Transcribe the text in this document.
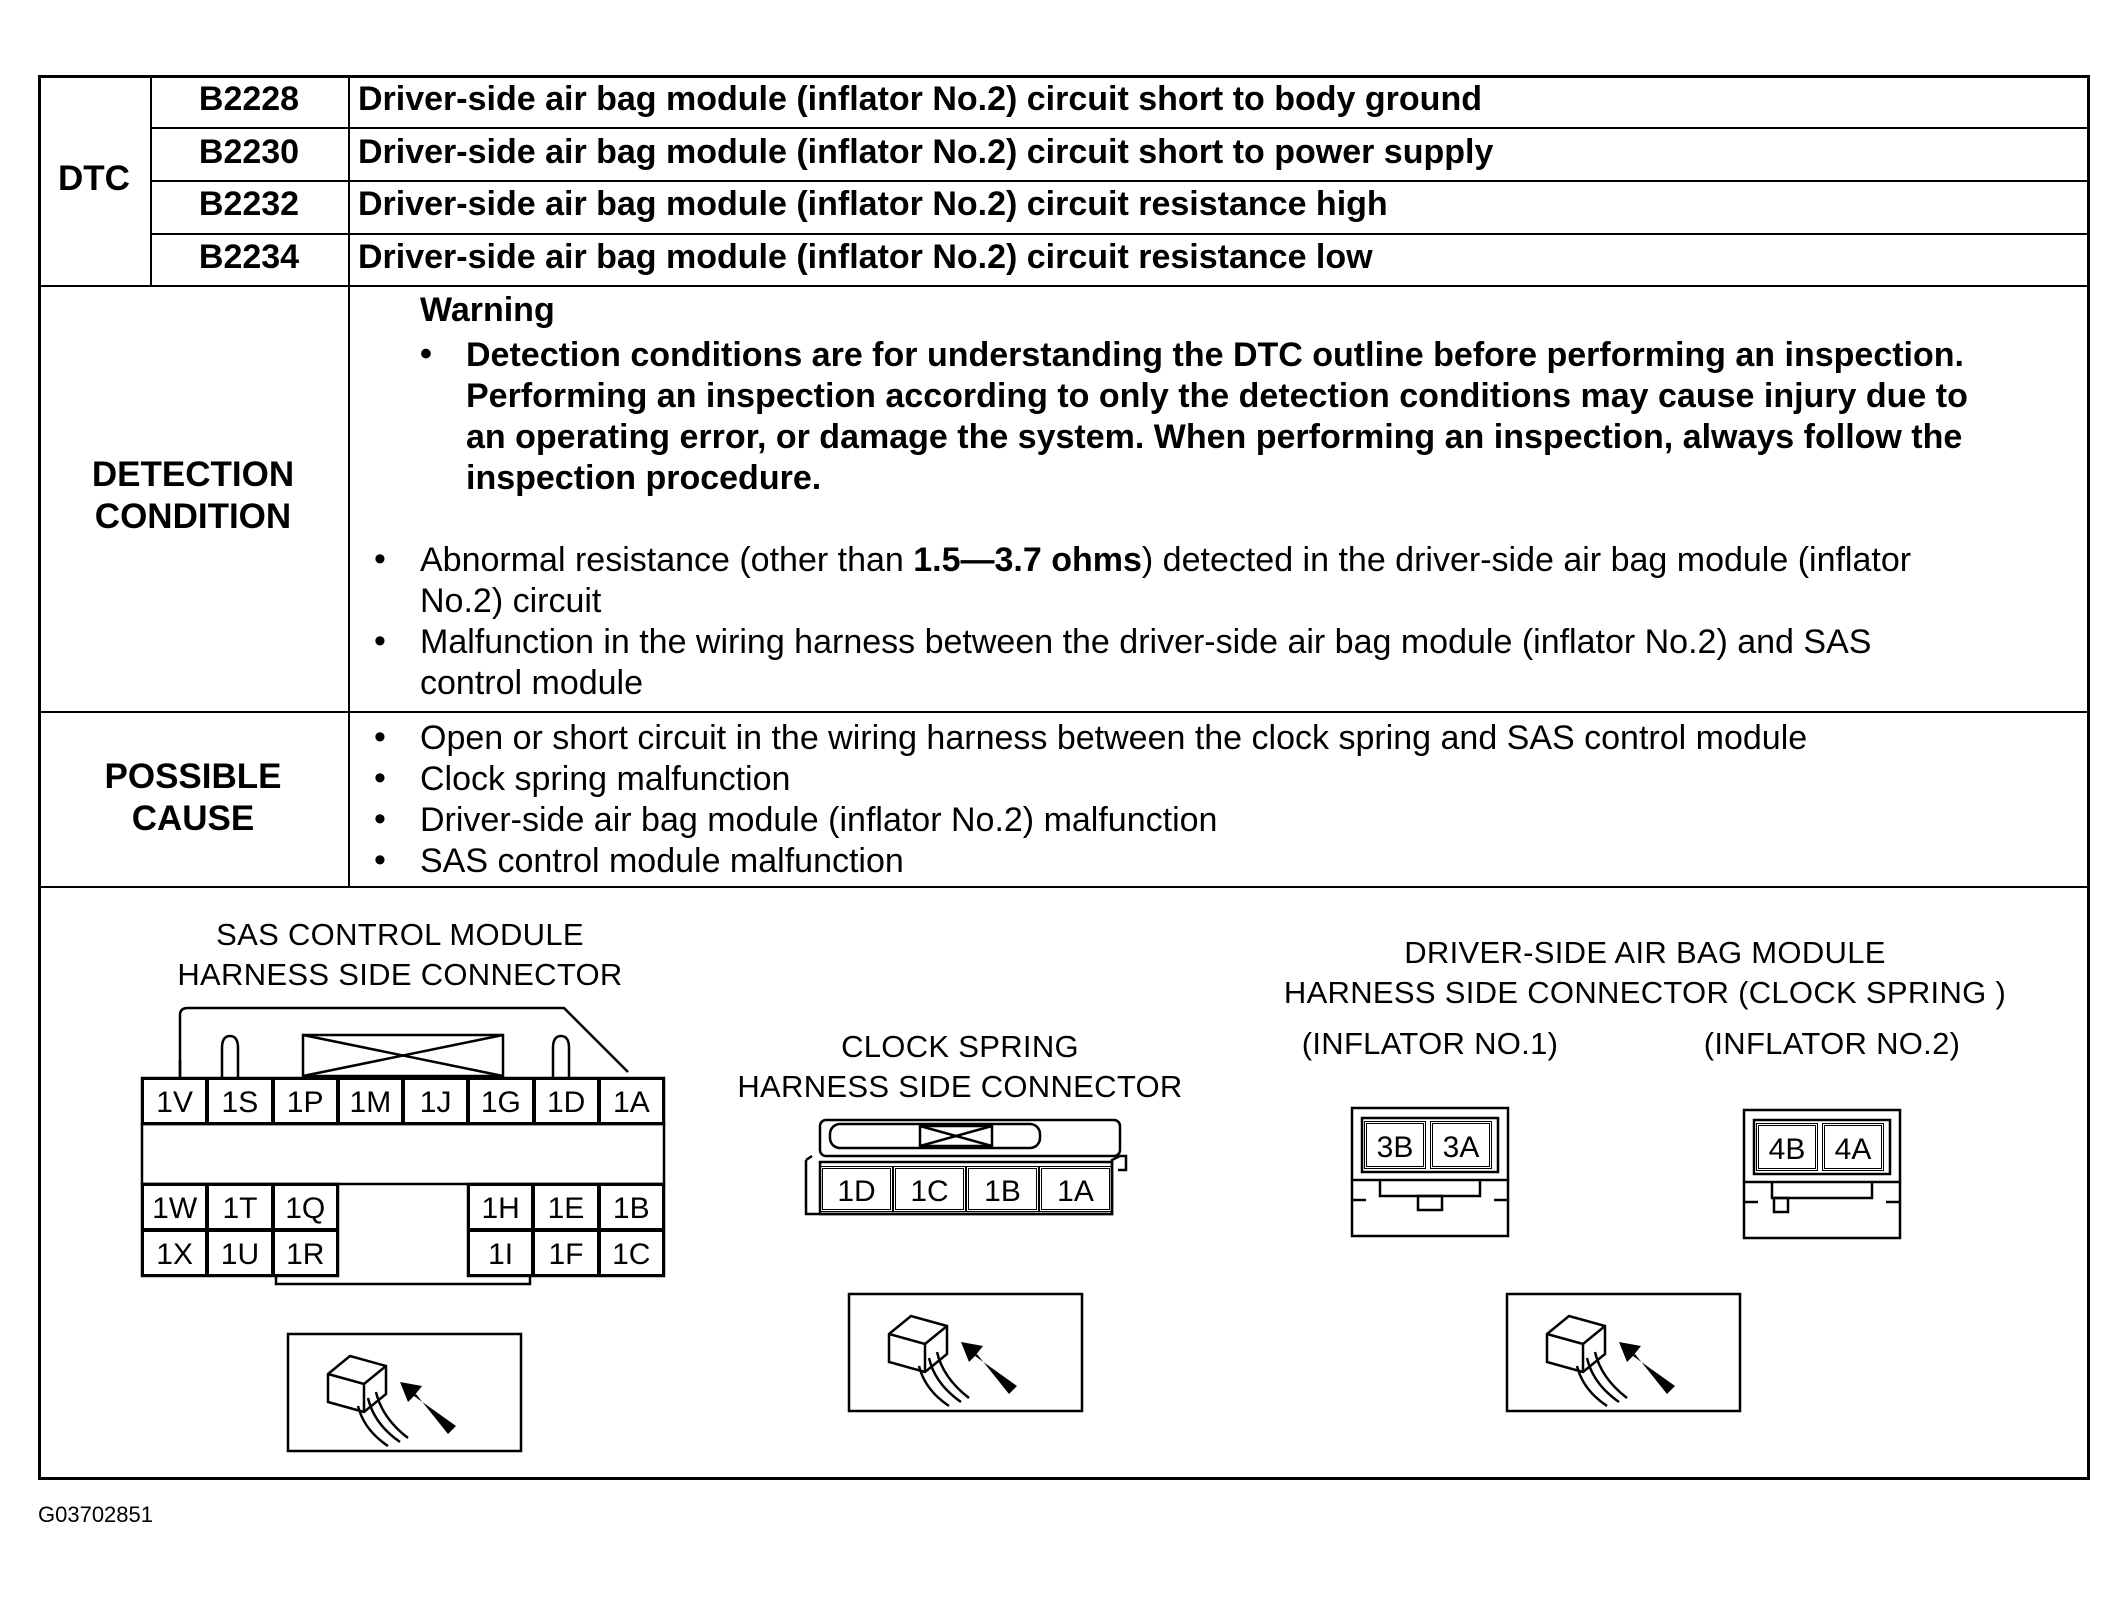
DTC
B2228	Driver-side air bag module (inflator No.2) circuit short to body ground
B2230	Driver-side air bag module (inflator No.2) circuit short to power supply
B2232	Driver-side air bag module (inflator No.2) circuit resistance high
B2234	Driver-side air bag module (inflator No.2) circuit resistance low
DETECTION
CONDITION
Warning
• Detection conditions are for understanding the DTC outline before performing an inspection.
Performing an inspection according to only the detection conditions may cause injury due to
an operating error, or damage the system. When performing an inspection, always follow the
inspection procedure.
• Abnormal resistance (other than 1.5—3.7 ohms) detected in the driver-side air bag module (inflator
No.2) circuit
• Malfunction in the wiring harness between the driver-side air bag module (inflator No.2) and SAS
control module
POSSIBLE
CAUSE
• Open or short circuit in the wiring harness between the clock spring and SAS control module
• Clock spring malfunction
• Driver-side air bag module (inflator No.2) malfunction
• SAS control module malfunction
SAS CONTROL MODULE
HARNESS SIDE CONNECTOR
1V 1S 1P 1M 1J 1G 1D 1A
1W 1T 1Q
1X 1U 1R
1H 1E 1B
1I	1F 1C
CLOCK SPRING
HARNESS SIDE CONNECTOR
1D	1C	1B	1A
DRIVER-SIDE AIR BAG MODULE
HARNESS SIDE CONNECTOR (CLOCK SPRING )
(INFLATOR NO.1)	(INFLATOR NO.2)
3B 3A	4B 4A
G03702851
